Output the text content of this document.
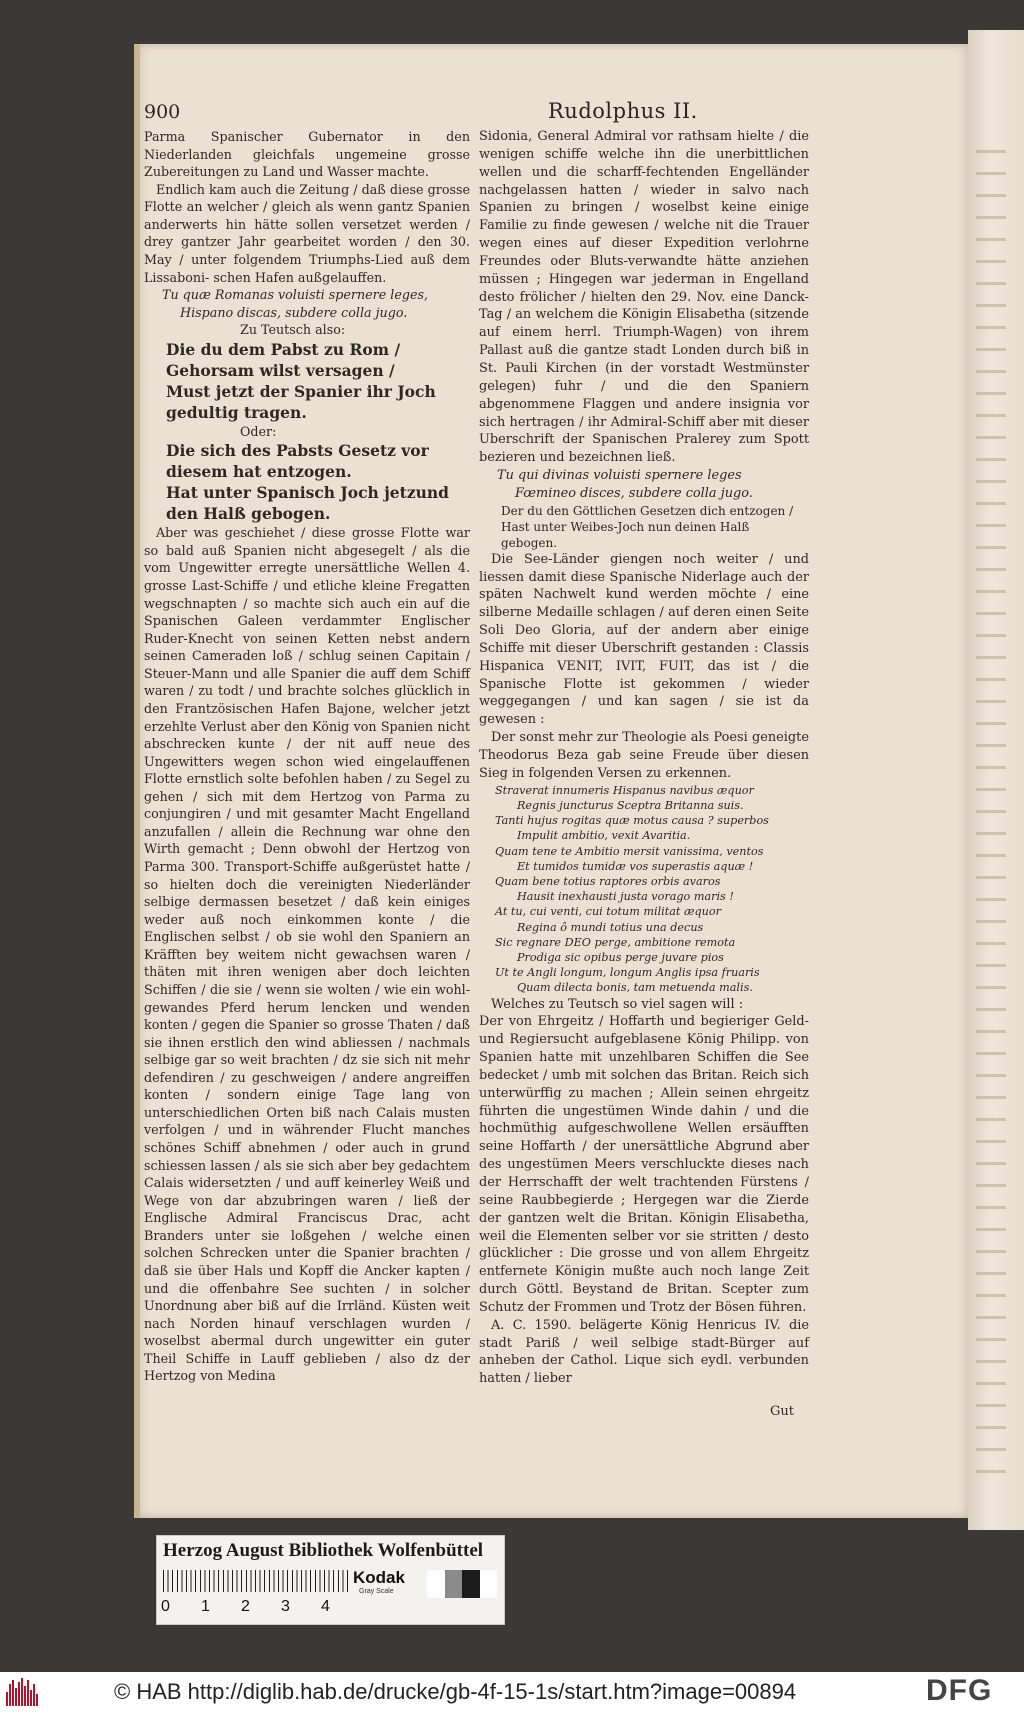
900	Rudolphus II.

Parma Spanischer Gubernator in den Niederlanden gleichfals ungemeine grosse Zubereitungen zu Land und Wasser machte.

Endlich kam auch die Zeitung / daß diese grosse Flotte an welcher / gleich als wenn gantz Spanien anderwerts hin hätte sollen versetzet werden / drey gantzer Jahr gearbeitet worden / den 30. May / unter folgendem Triumphs-Lied auß dem Lissaboni- schen Hafen außgelauffen.

Tu quæ Romanas voluisti spernere leges,

Hispano discas, subdere colla jugo.

Zu Teutsch also:

Die du dem Pabst zu Rom / Gehorsam wilst versagen /

Must jetzt der Spanier ihr Joch gedultig tragen.

Oder:

Die sich des Pabsts Gesetz vor diesem hat entzogen.

Hat unter Spanisch Joch jetzund den Halß gebogen.

Aber was geschiehet / diese grosse Flotte war so bald auß Spanien nicht abgesegelt / als die vom Ungewitter erregte unersättliche Wellen 4. grosse Last-Schiffe / und etliche kleine Fregatten wegschnapten / so machte sich auch ein auf die Spanischen Galeen verdammter Englischer Ruder-Knecht von seinen Ketten nebst andern seinen Cameraden loß / schlug seinen Capitain / Steuer-Mann und alle Spanier die auff dem Schiff waren / zu todt / und brachte solches glücklich in den Frantzösischen Hafen Bajone, welcher jetzt erzehlte Verlust aber den König von Spanien nicht abschrecken kunte / der nit auff neue des Ungewitters wegen schon wied eingelauffenen Flotte ernstlich solte befohlen haben / zu Segel zu gehen / sich mit dem Hertzog von Parma zu conjungiren / und mit gesamter Macht Engelland anzufallen / allein die Rechnung war ohne den Wirth gemacht ; Denn obwohl der Hertzog von Parma 300. Transport-Schiffe außgerüstet hatte / so hielten doch die vereinigten Niederländer selbige dermassen besetzet / daß kein einiges weder auß noch einkommen konte / die Englischen selbst / ob sie wohl den Spaniern an Kräfften bey weitem nicht gewachsen waren / thäten mit ihren wenigen aber doch leichten Schiffen / die sie / wenn sie wolten / wie ein wohl-gewandes Pferd herum lencken und wenden konten / gegen die Spanier so grosse Thaten / daß sie ihnen erstlich den wind abliessen / nachmals selbige gar so weit brachten / dz sie sich nit mehr defendiren / zu geschweigen / andere angreiffen konten / sondern einige Tage lang von unterschiedlichen Orten biß nach Calais musten verfolgen / und in währender Flucht manches schönes Schiff abnehmen / oder auch in grund schiessen lassen / als sie sich aber bey gedachtem Calais widersetzten / und auff keinerley Weiß und Wege von dar abzubringen waren / ließ der Englische Admiral Franciscus Drac, acht Branders unter sie loßgehen / welche einen solchen Schrecken unter die Spanier brachten / daß sie über Hals und Kopff die Ancker kapten / und die offenbahre See suchten / in solcher Unordnung aber biß auf die Irrländ. Küsten weit nach Norden hinauf verschlagen wurden / woselbst abermal durch ungewitter ein guter Theil Schiffe in Lauff geblieben / also dz der Hertzog von Medina

Sidonia, General Admiral vor rathsam hielte / die wenigen schiffe welche ihn die unerbittlichen wellen und die scharff-fechtenden Engelländer nachgelassen hatten / wieder in salvo nach Spanien zu bringen / woselbst keine einige Familie zu finde gewesen / welche nit die Trauer wegen eines auf dieser Expedition verlohrne Freundes oder Bluts-verwandte hätte anziehen müssen ; Hingegen war jederman in Engelland desto frölicher / hielten den 29. Nov. eine Danck-Tag / an welchem die Königin Elisabetha (sitzende auf einem herrl. Triumph-Wagen) von ihrem Pallast auß die gantze stadt Londen durch biß in St. Pauli Kirchen (in der vorstadt Westmünster gelegen) fuhr / und die den Spaniern abgenommene Flaggen und andere insignia vor sich hertragen / ihr Admiral-Schiff aber mit dieser Uberschrift der Spanischen Pralerey zum Spott bezieren und bezeichnen ließ.

Tu qui divinas voluisti spernere leges

Fœmineo disces, subdere colla jugo.

Der du den Göttlichen Gesetzen dich entzogen /

Hast unter Weibes-Joch nun deinen Halß gebogen.

Die See-Länder giengen noch weiter / und liessen damit diese Spanische Niderlage auch der späten Nachwelt kund werden möchte / eine silberne Medaille schlagen / auf deren einen Seite Soli Deo Gloria, auf der andern aber einige Schiffe mit dieser Uberschrift gestanden : Classis Hispanica VENIT, IVIT, FUIT, das ist / die Spanische Flotte ist gekommen / wieder weggegangen / und kan sagen / sie ist da gewesen :

Der sonst mehr zur Theologie als Poesi geneigte Theodorus Beza gab seine Freude über diesen Sieg in folgenden Versen zu erkennen.

Straverat innumeris Hispanus navibus æquor
Regnis juncturus Sceptra Britanna suis.
Tanti hujus rogitas quæ motus causa ? superbos
Impulit ambitio, vexit Avaritia.
Quam tene te Ambitio mersit vanissima, ventos
Et tumidos tumidæ vos superastis aquæ !
Quam bene totius raptores orbis avaros
Hausit inexhausti justa vorago maris !
At tu, cui venti, cui totum militat æquor
Regina ô mundi totius una decus
Sic regnare DEO perge, ambitione remota
Prodiga sic opibus perge juvare pios
Ut te Angli longum, longum Anglis ipsa fruaris
Quam dilecta bonis, tam metuenda malis.

Welches zu Teutsch so viel sagen will :

Der von Ehrgeitz / Hoffarth und begieriger Geld- und Regiersucht aufgeblasene König Philipp. von Spanien hatte mit unzehlbaren Schiffen die See bedecket / umb mit solchen das Britan. Reich sich unterwürffig zu machen ; Allein seinen ehrgeitz führten die ungestümen Winde dahin / und die hochmüthig aufgeschwollene Wellen ersäufften seine Hoffarth / der unersättliche Abgrund aber des ungestümen Meers verschluckte dieses nach der Herrschafft der welt trachtenden Fürstens / seine Raubbegierde ; Hergegen war die Zierde der gantzen welt die Britan. Königin Elisabetha, weil die Elementen selber vor sie stritten / desto glücklicher : Die grosse und von allem Ehrgeitz entfernete Königin mußte auch noch lange Zeit durch Göttl. Beystand de Britan. Scepter zum Schutz der Frommen und Trotz der Bösen führen.

A. C. 1590. belägerte König Henricus IV. die stadt Pariß / weil selbige stadt-Bürger auf anheben der Cathol. Lique sich eydl. verbunden hatten / lieber

Gut
Herzog August Bibliothek Wolfenbüttel
Kodak
Gray Scale
0 1 2 3 4
© HAB http://diglib.hab.de/drucke/gb-4f-15-1s/start.htm?image=00894	DFG
